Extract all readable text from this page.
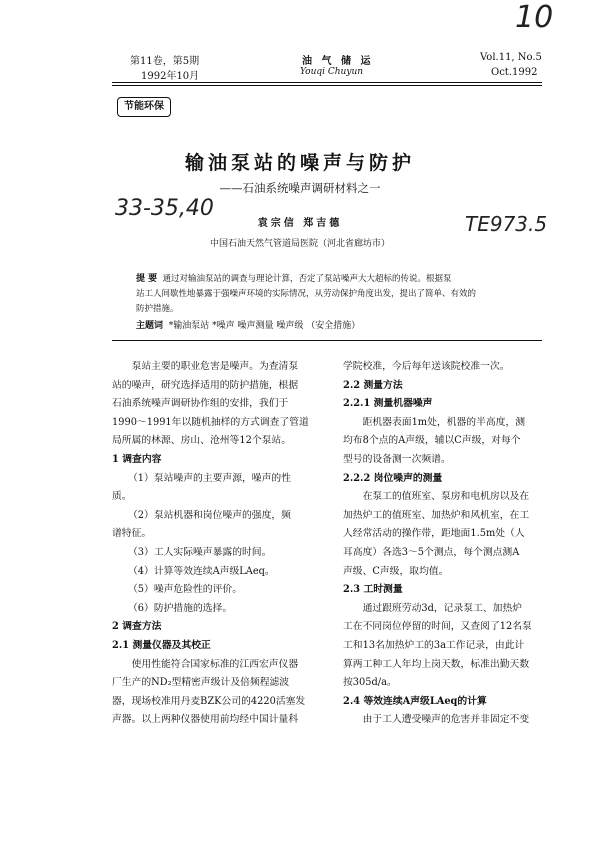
10
33-35,40
TE973.5
第11卷，第5期
1992年10月
油 气 储 运
Youqi Chuyun
Vol.11, No.5
Oct.1992
节能环保
输油泵站的噪声与防护
——石油系统噪声调研材料之一
袁宗信 郑吉德
中国石油天然气管道局医院（河北省廊坊市）
提 要 通过对输油泵站的调查与理论计算，否定了泵站噪声大大超标的传说。根据泵
站工人间歇性地暴露于强噪声环境的实际情况，从劳动保护角度出发，提出了简单、有效的
防护措施。
主题词 *输油泵站 *噪声 噪声测量 噪声级 （安全措施）

泵站主要的职业危害是噪声。为查清泵

站的噪声，研究选择适用的防护措施，根据

石油系统噪声调研协作组的安排，我们于

1990～1991年以随机抽样的方式调查了管道

局所属的林源、房山、沧州等12个泵站。

1 调查内容

（1）泵站噪声的主要声源，噪声的性

质。

（2）泵站机器和岗位噪声的强度，频

谱特征。

（3）工人实际噪声暴露的时间。

（4）计算等效连续A声级LAeq。

（5）噪声危险性的评价。

（6）防护措施的选择。

2 调查方法

2.1 测量仪器及其校正

使用性能符合国家标准的江西宏声仪器

厂生产的ND₂型精密声级计及倍频程滤波

器，现场校准用丹麦BZK公司的4220活塞发

声器。以上两种仪器使用前均经中国计量科

学院校准，今后每年送该院校准一次。

2.2 测量方法

2.2.1 测量机器噪声

距机器表面1m处，机器的半高度，测

均布8个点的A声级，辅以C声级，对每个

型号的设备测一次频谱。

2.2.2 岗位噪声的测量

在泵工的值班室、泵房和电机房以及在

加热炉工的值班室、加热炉和风机室，在工

人经常活动的操作带，距地面1.5m处（人

耳高度）各选3～5个测点，每个测点测A

声级、C声级，取均值。

2.3 工时测量

通过跟班劳动3d，记录泵工、加热炉

工在不同岗位停留的时间，又查阅了12名泵

工和13名加热炉工的3a工作记录，由此计

算两工种工人年均上岗天数，标准出勤天数

按305d/a。

2.4 等效连续A声级LAeq的计算

由于工人遭受噪声的危害并非固定不变
